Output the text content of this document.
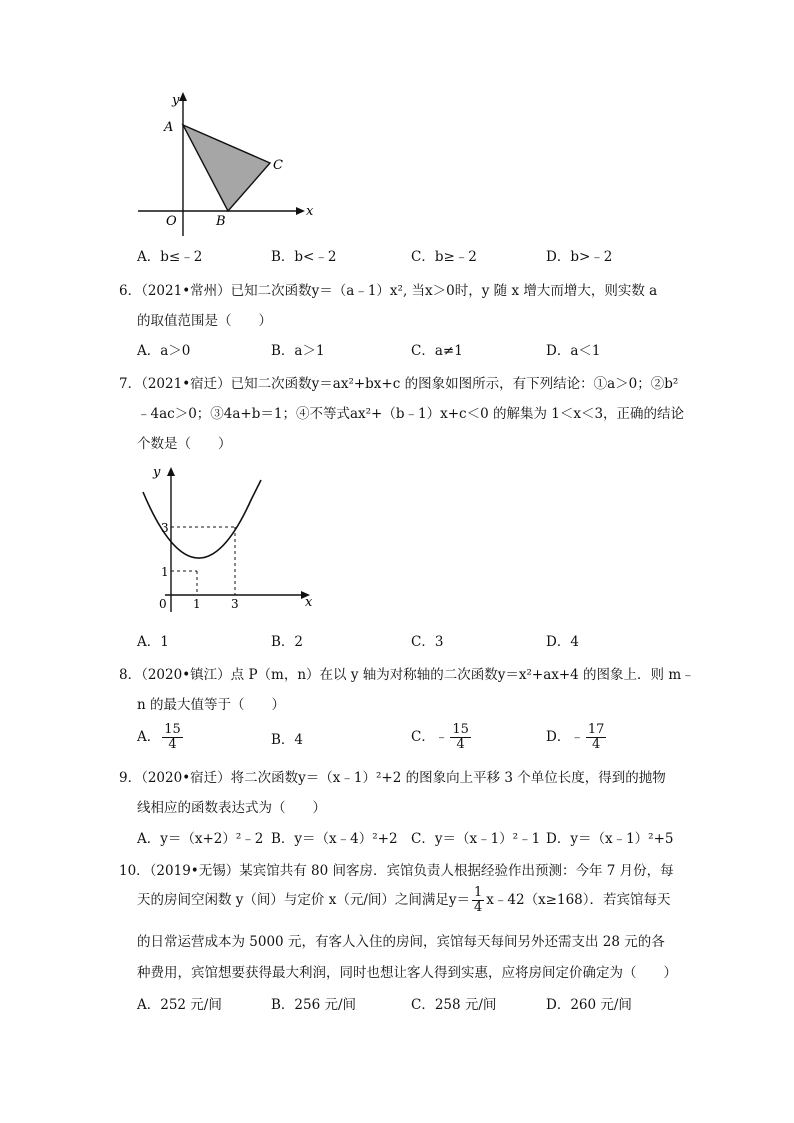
y
x
A
B
C
O
A．b≤﹣2	B．b<﹣2	C．b≥﹣2	D．b>﹣2
6．（2021•常州）已知二次函数y＝（a﹣1）x², 当x＞0时，y 随 x 增大而增大，则实数 a
的取值范围是（　　）
A．a＞0	B．a＞1	C．a≠1	D．a＜1
7．（2021•宿迁）已知二次函数y＝ax²+bx+c 的图象如图所示，有下列结论：①a＞0；②b²
﹣4ac＞0；③4a+b＝1；④不等式ax²+（b﹣1）x+c＜0 的解集为 1＜x＜3，正确的结论
个数是（　　）
y
x
3
1
0 1	3
A．1	B．2	C．3	D．4
8．（2020•镇江）点 P（m，n）在以 y 轴为对称轴的二次函数y＝x²+ax+4 的图象上．则 m﹣
n 的最大值等于（　　）
A． $\frac{15}{4}$	B．4	C．﹣ $\frac{15}{4}$	D．﹣ $\frac{17}{4}$
9．（2020•宿迁）将二次函数y＝（x﹣1）²+2 的图象向上平移 3 个单位长度，得到的抛物
线相应的函数表达式为（　　）
A．y＝（x+2）²﹣2 B．y＝（x﹣4）²+2 C．y＝（x﹣1）²﹣1 D．y＝（x﹣1）²+5
10．（2019•无锡）某宾馆共有 80 间客房．宾馆负责人根据经验作出预测：今年 7 月份，每
天的房间空闲数 y（间）与定价 x（元/间）之间满足$y= \frac{1}{4}$ x﹣42（x≥168）．若宾馆每天
的日常运营成本为 5000 元，有客人入住的房间，宾馆每天每间另外还需支出 28 元的各
种费用，宾馆想要获得最大利润，同时也想让客人得到实惠，应将房间定价确定为（　　）
A．252 元/间	B．256 元/间	C．258 元/间	D．260 元/间
